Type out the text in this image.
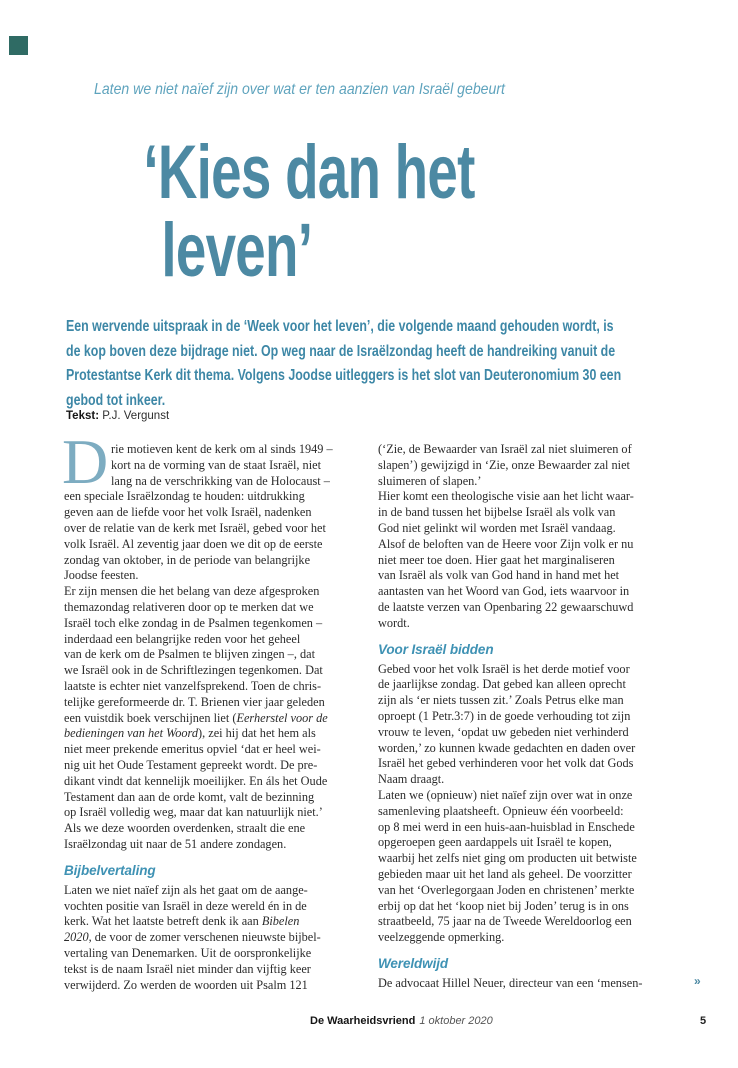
Laten we niet naïef zijn over wat er ten aanzien van Israël gebeurt
‘Kies dan het
leven’
Een wervende uitspraak in de ‘Week voor het leven’, die volgende maand gehouden wordt, is
de kop boven deze bijdrage niet. Op weg naar de Israëlzondag heeft de handreiking vanuit de
Protestantse Kerk dit thema. Volgens Joodse uitleggers is het slot van Deuteronomium 30 een
gebod tot inkeer.
Tekst: P.J. Vergunst
D rie motieven kent de kerk om al sinds 1949 –
kort na de vorming van de staat Israël, niet
lang na de verschrikking van de Holocaust –
een speciale Israëlzondag te houden: uitdrukking
geven aan de liefde voor het volk Israël, nadenken
over de relatie van de kerk met Israël, gebed voor het
volk Israël. Al zeventig jaar doen we dit op de eerste
zondag van oktober, in de periode van belangrijke
Joodse feesten.
Er zijn mensen die het belang van deze afgesproken
themazondag relativeren door op te merken dat we
Israël toch elke zondag in de Psalmen tegenkomen –
inderdaad een belangrijke reden voor het geheel
van de kerk om de Psalmen te blijven zingen –, dat
we Israël ook in de Schriftlezingen tegenkomen. Dat
laatste is echter niet vanzelfsprekend. Toen de chris-
telijke gereformeerde dr. T. Brienen vier jaar geleden
een vuistdik boek verschijnen liet (Eerherstel voor de
bedieningen van het Woord), zei hij dat het hem als
niet meer prekende emeritus opviel ‘dat er heel wei-
nig uit het Oude Testament gepreekt wordt. De pre-
dikant vindt dat kennelijk moeilijker. En áls het Oude
Testament dan aan de orde komt, valt de bezinning
op Israël volledig weg, maar dat kan natuurlijk niet.’
Als we deze woorden overdenken, straalt die ene
Israëlzondag uit naar de 51 andere zondagen.
Bijbelvertaling
Laten we niet naïef zijn als het gaat om de aange-
vochten positie van Israël in deze wereld én in de
kerk. Wat het laatste betreft denk ik aan Bibelen
2020, de voor de zomer verschenen nieuwste bijbel-
vertaling van Denemarken. Uit de oorspronkelijke
tekst is de naam Israël niet minder dan vijftig keer
verwijderd. Zo werden de woorden uit Psalm 121
(‘Zie, de Bewaarder van Israël zal niet sluimeren of
slapen’) gewijzigd in ‘Zie, onze Bewaarder zal niet
sluimeren of slapen.’
Hier komt een theologische visie aan het licht waar-
in de band tussen het bijbelse Israël als volk van
God niet gelinkt wil worden met Israël vandaag.
Alsof de beloften van de Heere voor Zijn volk er nu
niet meer toe doen. Hier gaat het marginaliseren
van Israël als volk van God hand in hand met het
aantasten van het Woord van God, iets waarvoor in
de laatste verzen van Openbaring 22 gewaarschuwd
wordt.
Voor Israël bidden
Gebed voor het volk Israël is het derde motief voor
de jaarlijkse zondag. Dat gebed kan alleen oprecht
zijn als ‘er niets tussen zit.’ Zoals Petrus elke man
oproept (1 Petr.3:7) in de goede verhouding tot zijn
vrouw te leven, ‘opdat uw gebeden niet verhinderd
worden,’ zo kunnen kwade gedachten en daden over
Israël het gebed verhinderen voor het volk dat Gods
Naam draagt.
Laten we (opnieuw) niet naïef zijn over wat in onze
samenleving plaatsheeft. Opnieuw één voorbeeld:
op 8 mei werd in een huis-aan-huisblad in Enschede
opgeroepen geen aardappels uit Israël te kopen,
waarbij het zelfs niet ging om producten uit betwiste
gebieden maar uit het land als geheel. De voorzitter
van het ‘Overlegorgaan Joden en christenen’ merkte
erbij op dat het ‘koop niet bij Joden’ terug is in ons
straatbeeld, 75 jaar na de Tweede Wereldoorlog een
veelzeggende opmerking.
Wereldwijd
De advocaat Hillel Neuer, directeur van een ‘mensen-	»
De Waarheidsvriend 1 oktober 2020	5
